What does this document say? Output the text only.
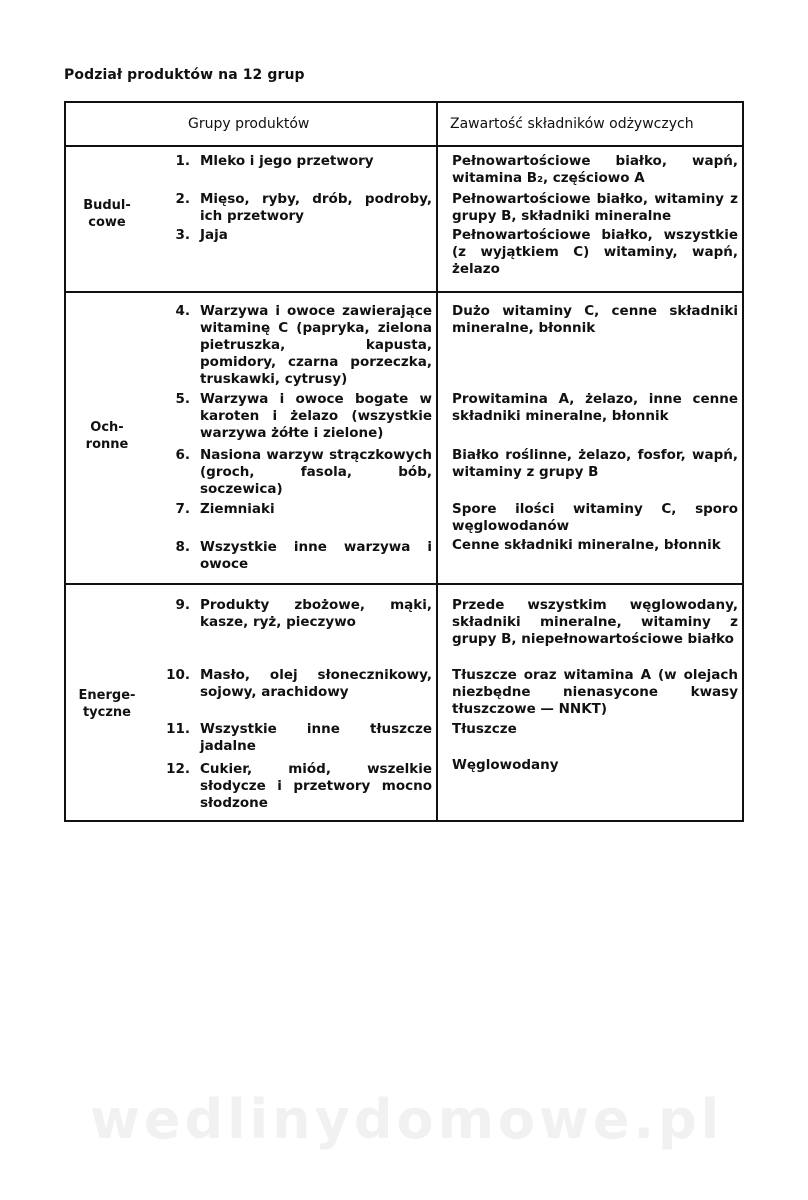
Podział produktów na 12 grup
Grupy produktów	Zawartość składników odżywczych
Budul-
cowe
1. Mleko i jego przetwory
2. Mięso, ryby, drób, podroby, ich przetwory
3. Jaja
Pełnowartościowe białko, wapń, witamina B₂, częściowo A
Pełnowartościowe białko, witaminy z grupy B, składniki mineralne
Pełnowartościowe białko, wszystkie (z wyjątkiem C) witaminy, wapń, żelazo
Och-
ronne
4. Warzywa i owoce zawierające witaminę C (papryka, zielona pietruszka, kapusta, pomidory, czarna porzeczka, truskawki, cytrusy)
5. Warzywa i owoce bogate w karoten i żelazo (wszystkie warzywa żółte i zielone)
6. Nasiona warzyw strączkowych (groch, fasola, bób, soczewica)
7. Ziemniaki
8. Wszystkie inne warzywa i owoce
Dużo witaminy C, cenne składniki mineralne, błonnik
Prowitamina A, żelazo, inne cenne składniki mineralne, błonnik
Białko roślinne, żelazo, fosfor, wapń, witaminy z grupy B
Spore ilości witaminy C, sporo węglowodanów
Cenne składniki mineralne, błonnik
Energe-
tyczne
9. Produkty zbożowe, mąki, kasze, ryż, pieczywo
10. Masło, olej słonecznikowy, sojowy, arachidowy
11. Wszystkie inne tłuszcze jadalne
12. Cukier, miód, wszelkie słodycze i przetwory mocno słodzone
Przede wszystkim węglowodany, składniki mineralne, witaminy z grupy B, niepełnowartościowe białko
Tłuszcze oraz witamina A (w olejach niezbędne nienasycone kwasy tłuszczowe — NNKT)
Tłuszcze
Węglowodany
wedlinydomowe.pl
